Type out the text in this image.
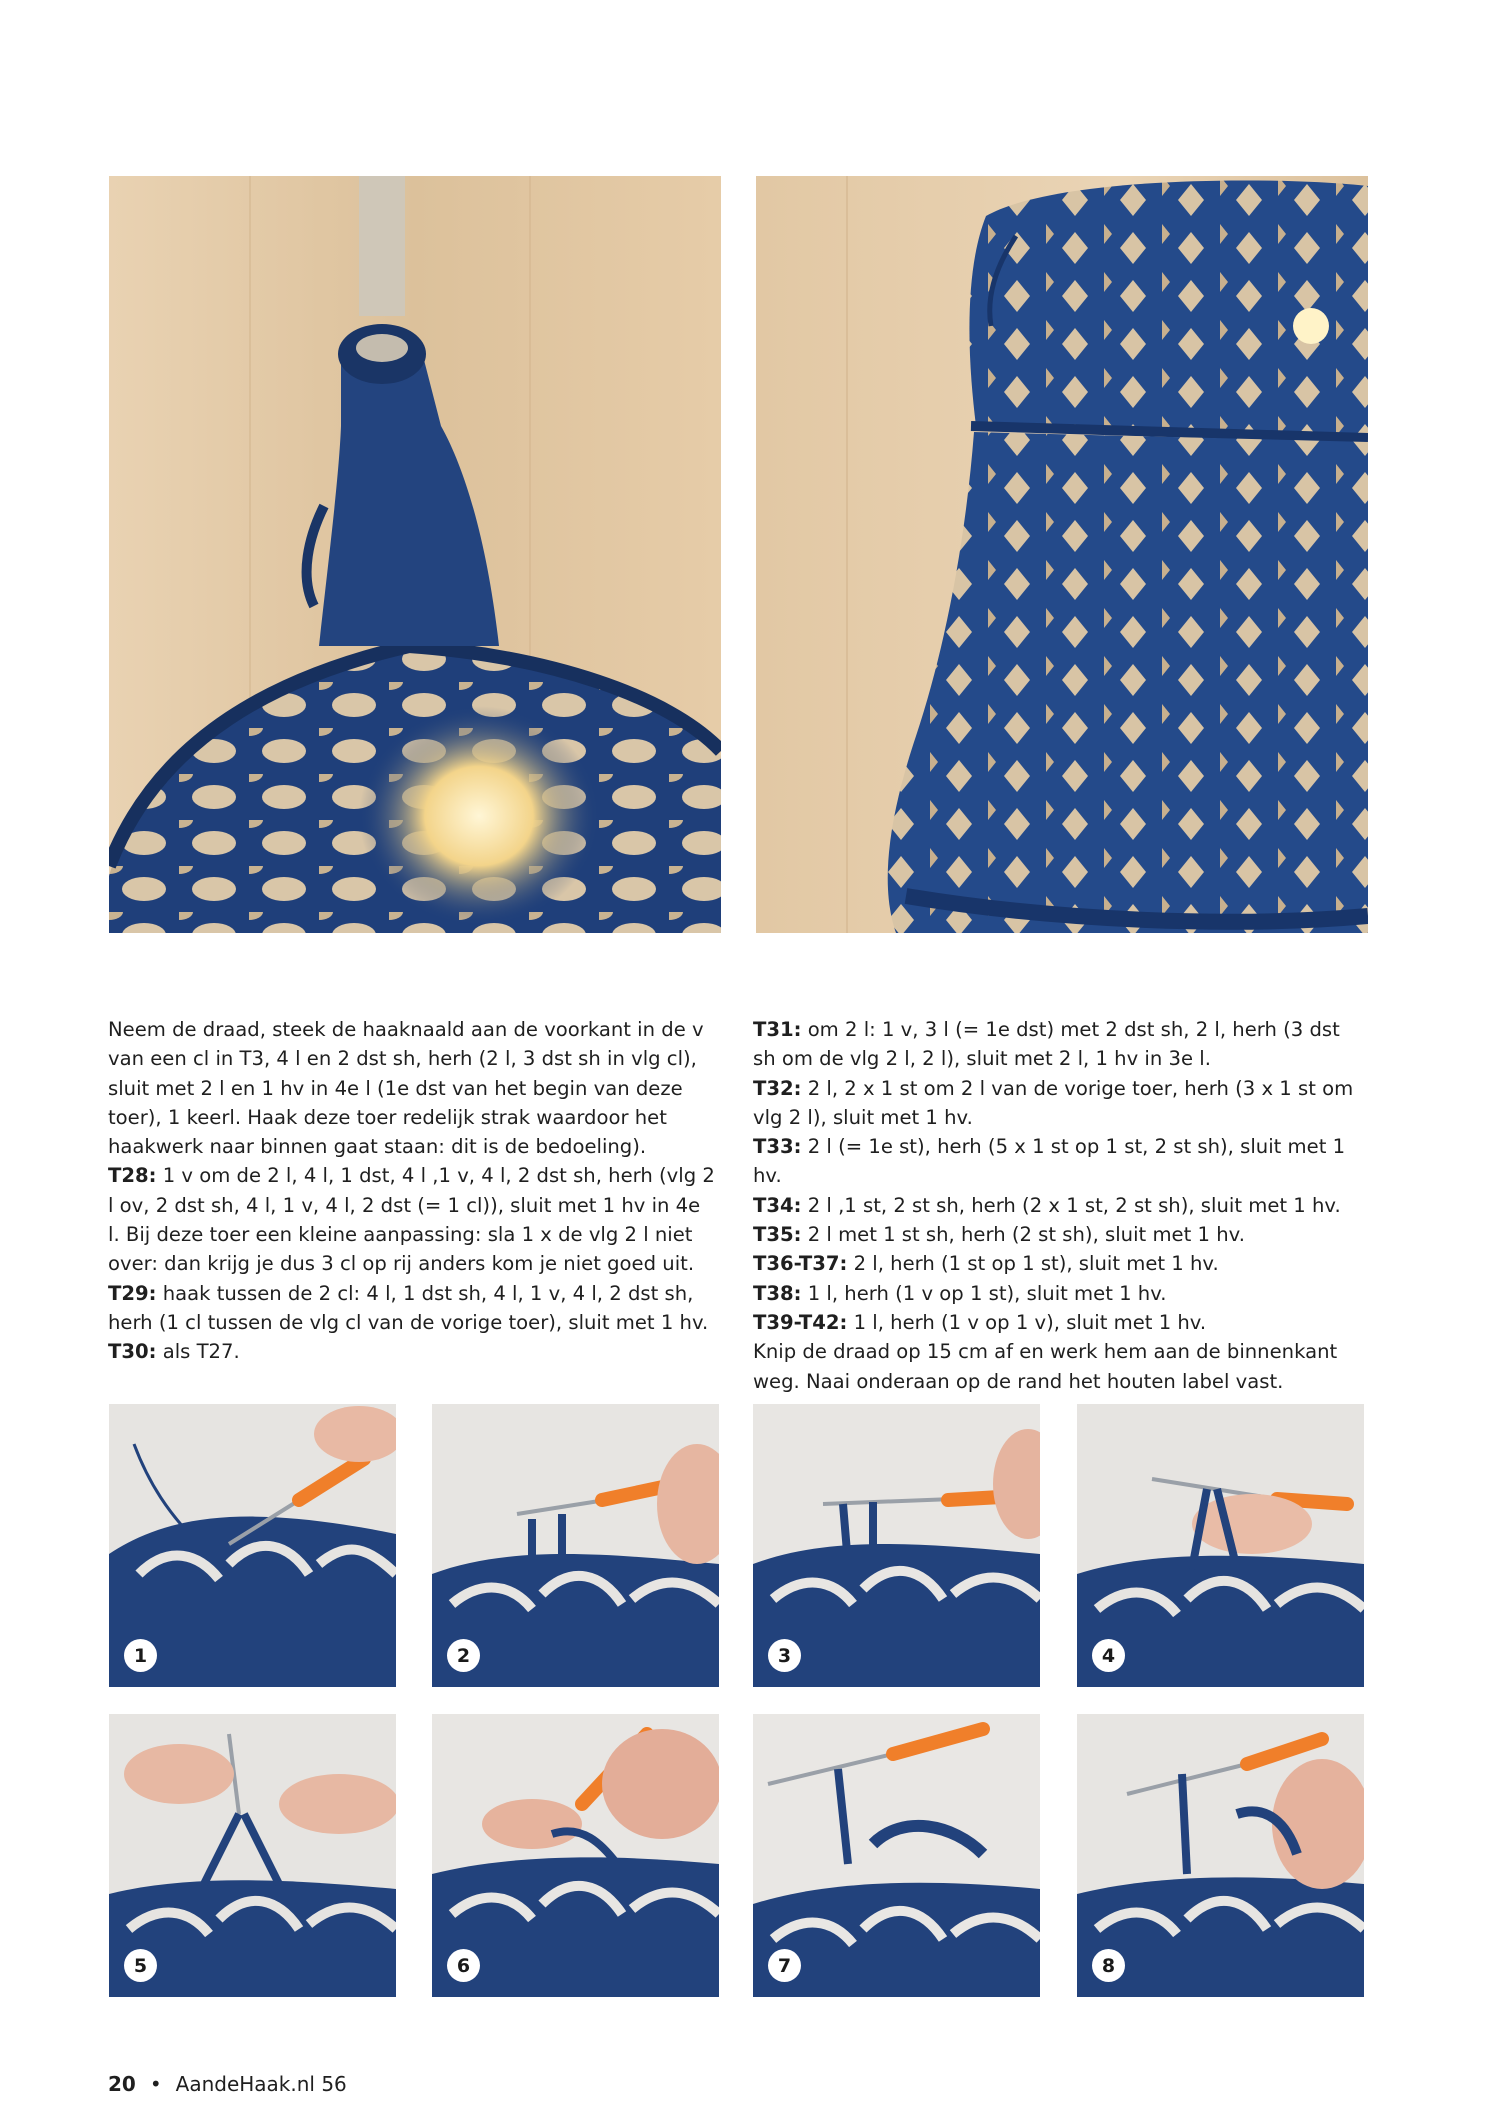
Neem de draad, steek de haaknaald aan de voorkant in de v van een cl in T3, 4 l en 2 dst sh, herh (2 l, 3 dst sh in vlg cl), sluit met 2 l en 1 hv in 4e l (1e dst van het begin van deze toer), 1 keerl. Haak deze toer redelijk strak waardoor het haakwerk naar binnen gaat staan: dit is de bedoeling).

T28: 1 v om de 2 l, 4 l, 1 dst, 4 l ,1 v, 4 l, 2 dst sh, herh (vlg 2 l ov, 2 dst sh, 4 l, 1 v, 4 l, 2 dst (= 1 cl)), sluit met 1 hv in 4e l. Bij deze toer een kleine aanpassing: sla 1 x de vlg 2 l niet over: dan krijg je dus 3 cl op rij anders kom je niet goed uit.

T29: haak tussen de 2 cl: 4 l, 1 dst sh, 4 l, 1 v, 4 l, 2 dst sh, herh (1 cl tussen de vlg cl van de vorige toer), sluit met 1 hv.

T30: als T27.

T31: om 2 l: 1 v, 3 l (= 1e dst) met 2 dst sh, 2 l, herh (3 dst sh om de vlg 2 l, 2 l), sluit met 2 l, 1 hv in 3e l.

T32: 2 l, 2 x 1 st om 2 l van de vorige toer, herh (3 x 1 st om vlg 2 l), sluit met 1 hv.

T33: 2 l (= 1e st), herh (5 x 1 st op 1 st, 2 st sh), sluit met 1 hv.

T34: 2 l ,1 st, 2 st sh, herh (2 x 1 st, 2 st sh), sluit met 1 hv.

T35: 2 l met 1 st sh, herh (2 st sh), sluit met 1 hv.

T36-T37: 2 l, herh (1 st op 1 st), sluit met 1 hv.

T38: 1 l, herh (1 v op 1 st), sluit met 1 hv.

T39-T42: 1 l, herh (1 v op 1 v), sluit met 1 hv.

Knip de draad op 15 cm af en werk hem aan de binnenkant weg. Naai onderaan op de rand het houten label vast.

1	2	3	4
5	6	7	8
20 • AandeHaak.nl 56
